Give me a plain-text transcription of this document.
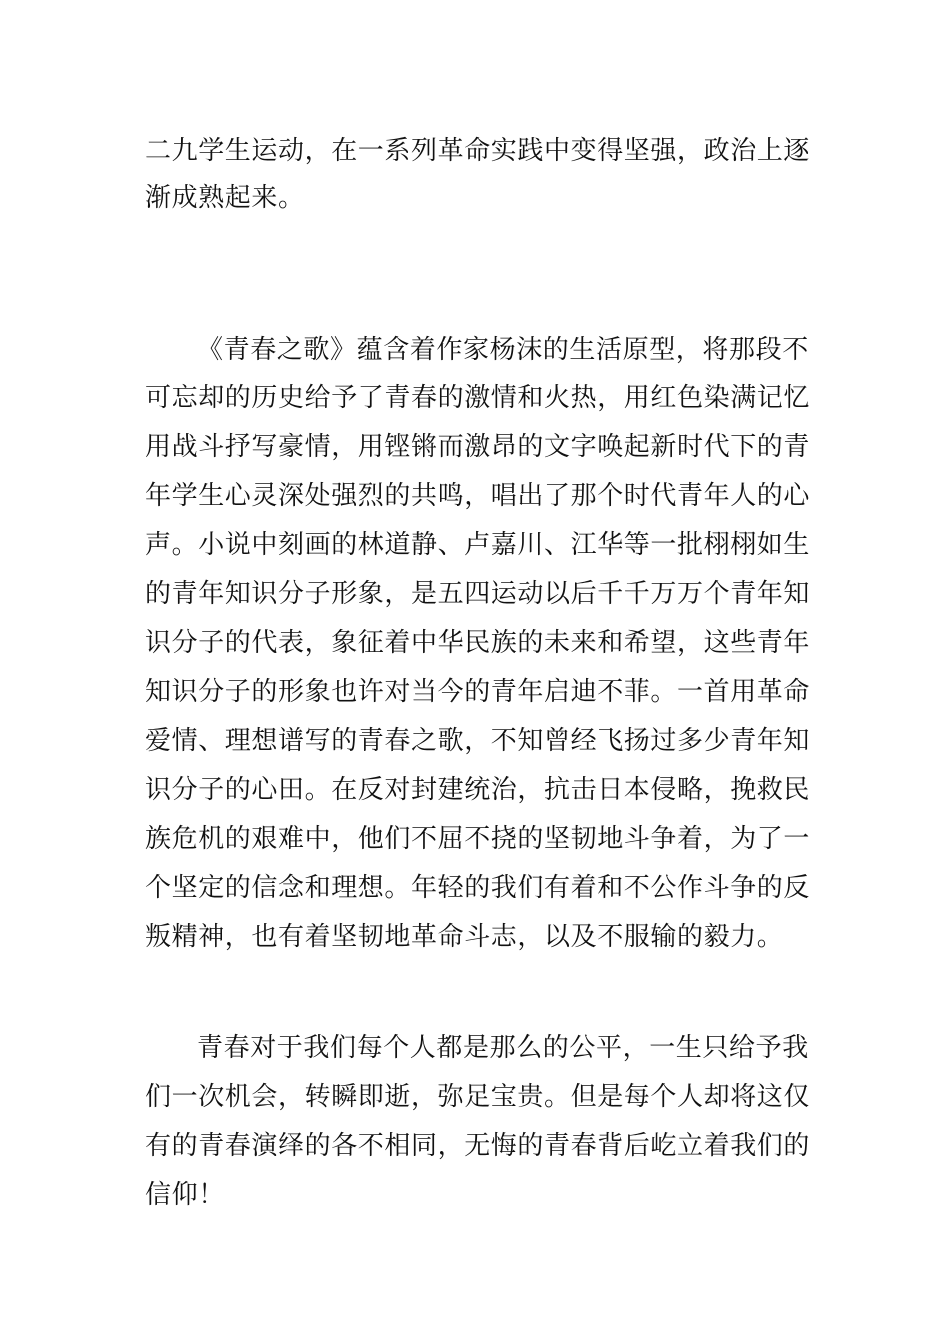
二九学生运动，在一系列革命实践中变得坚强，政治上逐
渐成熟起来。
《青春之歌》蕴含着作家杨沫的生活原型，将那段不
可忘却的历史给予了青春的激情和火热，用红色染满记忆
用战斗抒写豪情，用铿锵而激昂的文字唤起新时代下的青
年学生心灵深处强烈的共鸣，唱出了那个时代青年人的心
声。小说中刻画的林道静、卢嘉川、江华等一批栩栩如生
的青年知识分子形象，是五四运动以后千千万万个青年知
识分子的代表，象征着中华民族的未来和希望，这些青年
知识分子的形象也许对当今的青年启迪不菲。一首用革命
爱情、理想谱写的青春之歌，不知曾经飞扬过多少青年知
识分子的心田。在反对封建统治，抗击日本侵略，挽救民
族危机的艰难中，他们不屈不挠的坚韧地斗争着，为了一
个坚定的信念和理想。年轻的我们有着和不公作斗争的反
叛精神，也有着坚韧地革命斗志，以及不服输的毅力。
青春对于我们每个人都是那么的公平，一生只给予我
们一次机会，转瞬即逝，弥足宝贵。但是每个人却将这仅
有的青春演绎的各不相同，无悔的青春背后屹立着我们的
信仰！
